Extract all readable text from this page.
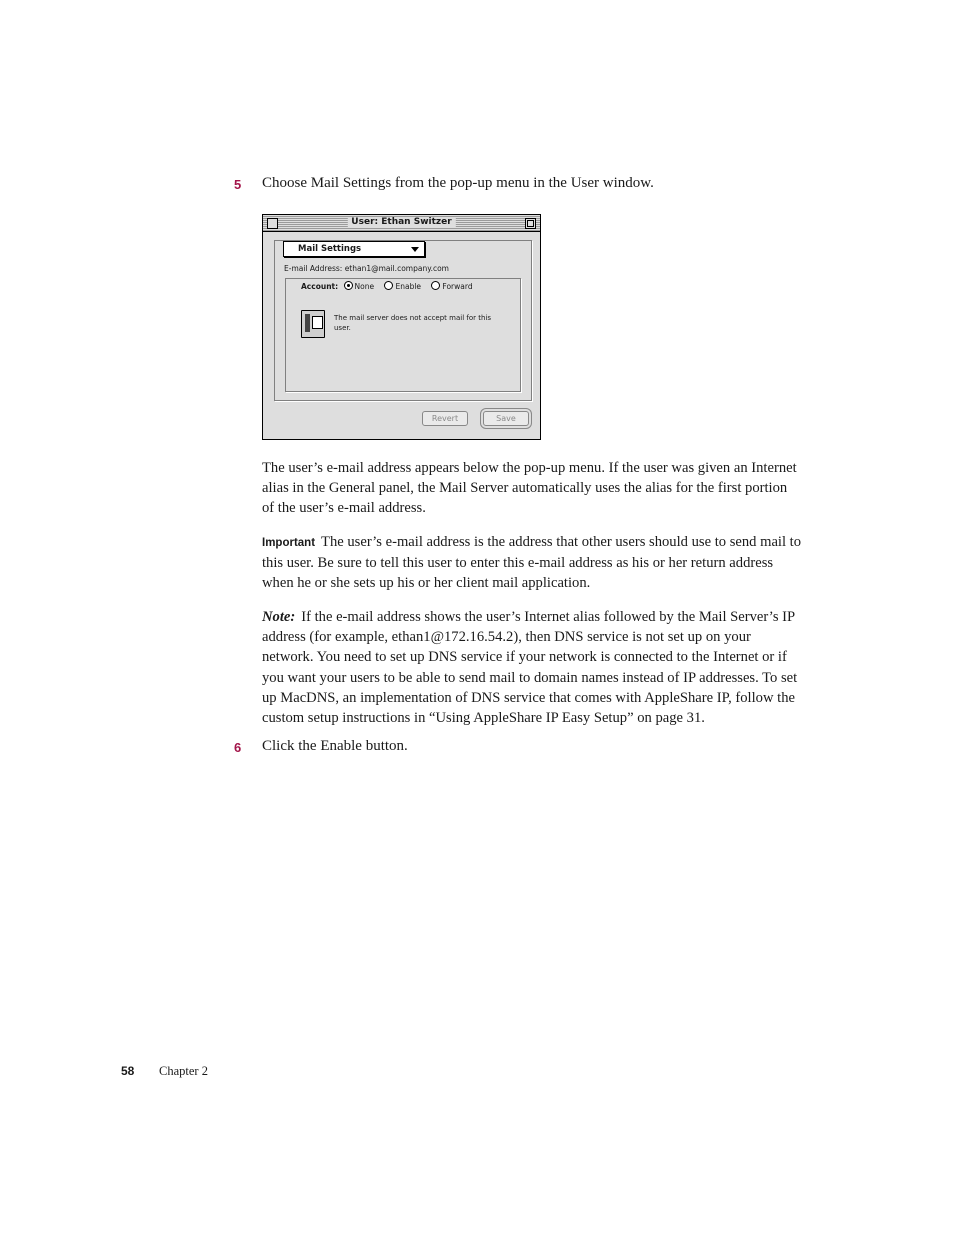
5 Choose Mail Settings from the pop-up menu in the User window.
User: Ethan Switzer
Mail Settings
E-mail Address: ethan1@mail.company.com
Account: None	Enable	Forward
The mail server does not accept mail for this user.
Revert	Save

The user’s e-mail address appears below the pop-up menu. If the user was given an Internet alias in the General panel, the Mail Server automatically uses the alias for the first portion of the user’s e-mail address.

Important The user’s e-mail address is the address that other users should use to send mail to this user. Be sure to tell this user to enter this e-mail address as his or her return address when he or she sets up his or her client mail application.

Note: If the e-mail address shows the user’s Internet alias followed by the Mail Server’s IP address (for example, ethan1@172.16.54.2), then DNS service is not set up on your network. You need to set up DNS service if your network is connected to the Internet or if you want your users to be able to send mail to domain names instead of IP addresses. To set up MacDNS, an implementation of DNS service that comes with AppleShare IP, follow the custom setup instructions in “Using AppleShare IP Easy Setup” on page 31.

6 Click the Enable button.
58 Chapter 2
